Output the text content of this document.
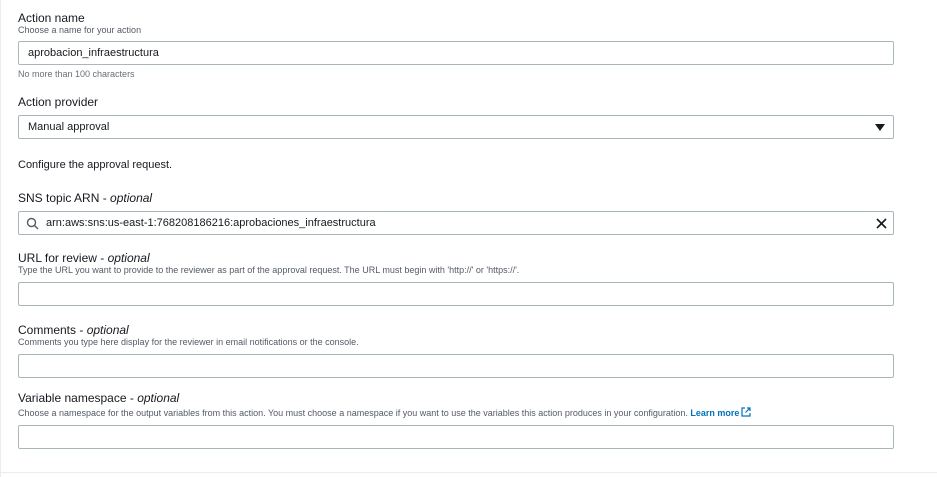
Action name
Choose a name for your action
aprobacion_infraestructura
No more than 100 characters
Action provider
Manual approval
Configure the approval request.
SNS topic ARN - optional
arn:aws:sns:us-east-1:768208186216:aprobaciones_infraestructura
URL for review - optional
Type the URL you want to provide to the reviewer as part of the approval request. The URL must begin with 'http://' or 'https://'.
Comments - optional
Comments you type here display for the reviewer in email notifications or the console.
Variable namespace - optional
Choose a namespace for the output variables from this action. You must choose a namespace if you want to use the variables this action produces in your configuration. Learn more
